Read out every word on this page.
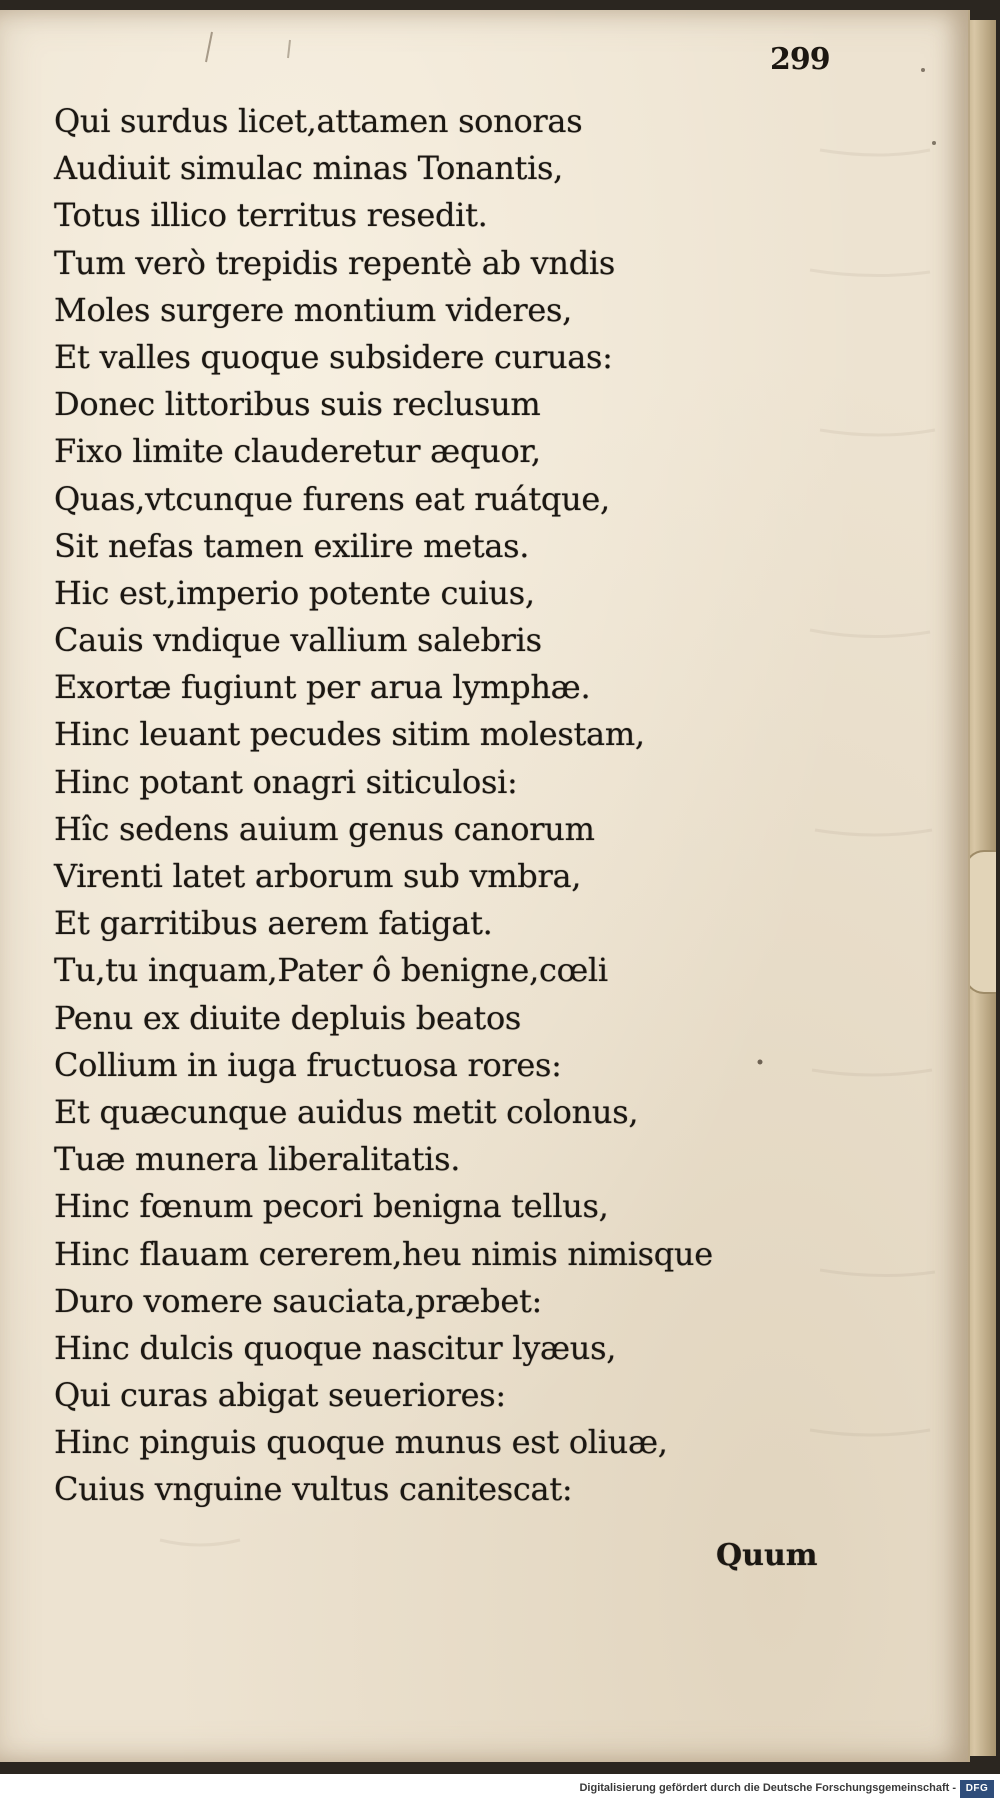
299
Qui surdus licet,attamen sonoras
Audiuit simulac minas Tonantis,
Totus illico territus resedit.
Tum verò trepidis repentè ab vndis
Moles surgere montium videres,
Et valles quoque subsidere curuas:
Donec littoribus suis reclusum
Fixo limite clauderetur æquor,
Quas,vtcunque furens eat ruátque,
Sit nefas tamen exilire metas.
Hic est,imperio potente cuius,
Cauis vndique vallium salebris
Exortæ fugiunt per arua lymphæ.
Hinc leuant pecudes sitim molestam,
Hinc potant onagri siticulosi:
Hîc sedens auium genus canorum
Virenti latet arborum sub vmbra,
Et garritibus aerem fatigat.
Tu,tu inquam,Pater ô benigne,cœli
Penu ex diuite depluis beatos
Collium in iuga fructuosa rores:
Et quæcunque auidus metit colonus,
Tuæ munera liberalitatis.
Hinc fœnum pecori benigna tellus,
Hinc flauam cererem,heu nimis nimisque
Duro vomere sauciata,præbet:
Hinc dulcis quoque nascitur lyæus,
Qui curas abigat seueriores:
Hinc pinguis quoque munus est oliuæ,
Cuius vnguine vultus canitescat:
Quum
Digitalisierung gefördert durch die Deutsche Forschungsgemeinschaft - DFG
